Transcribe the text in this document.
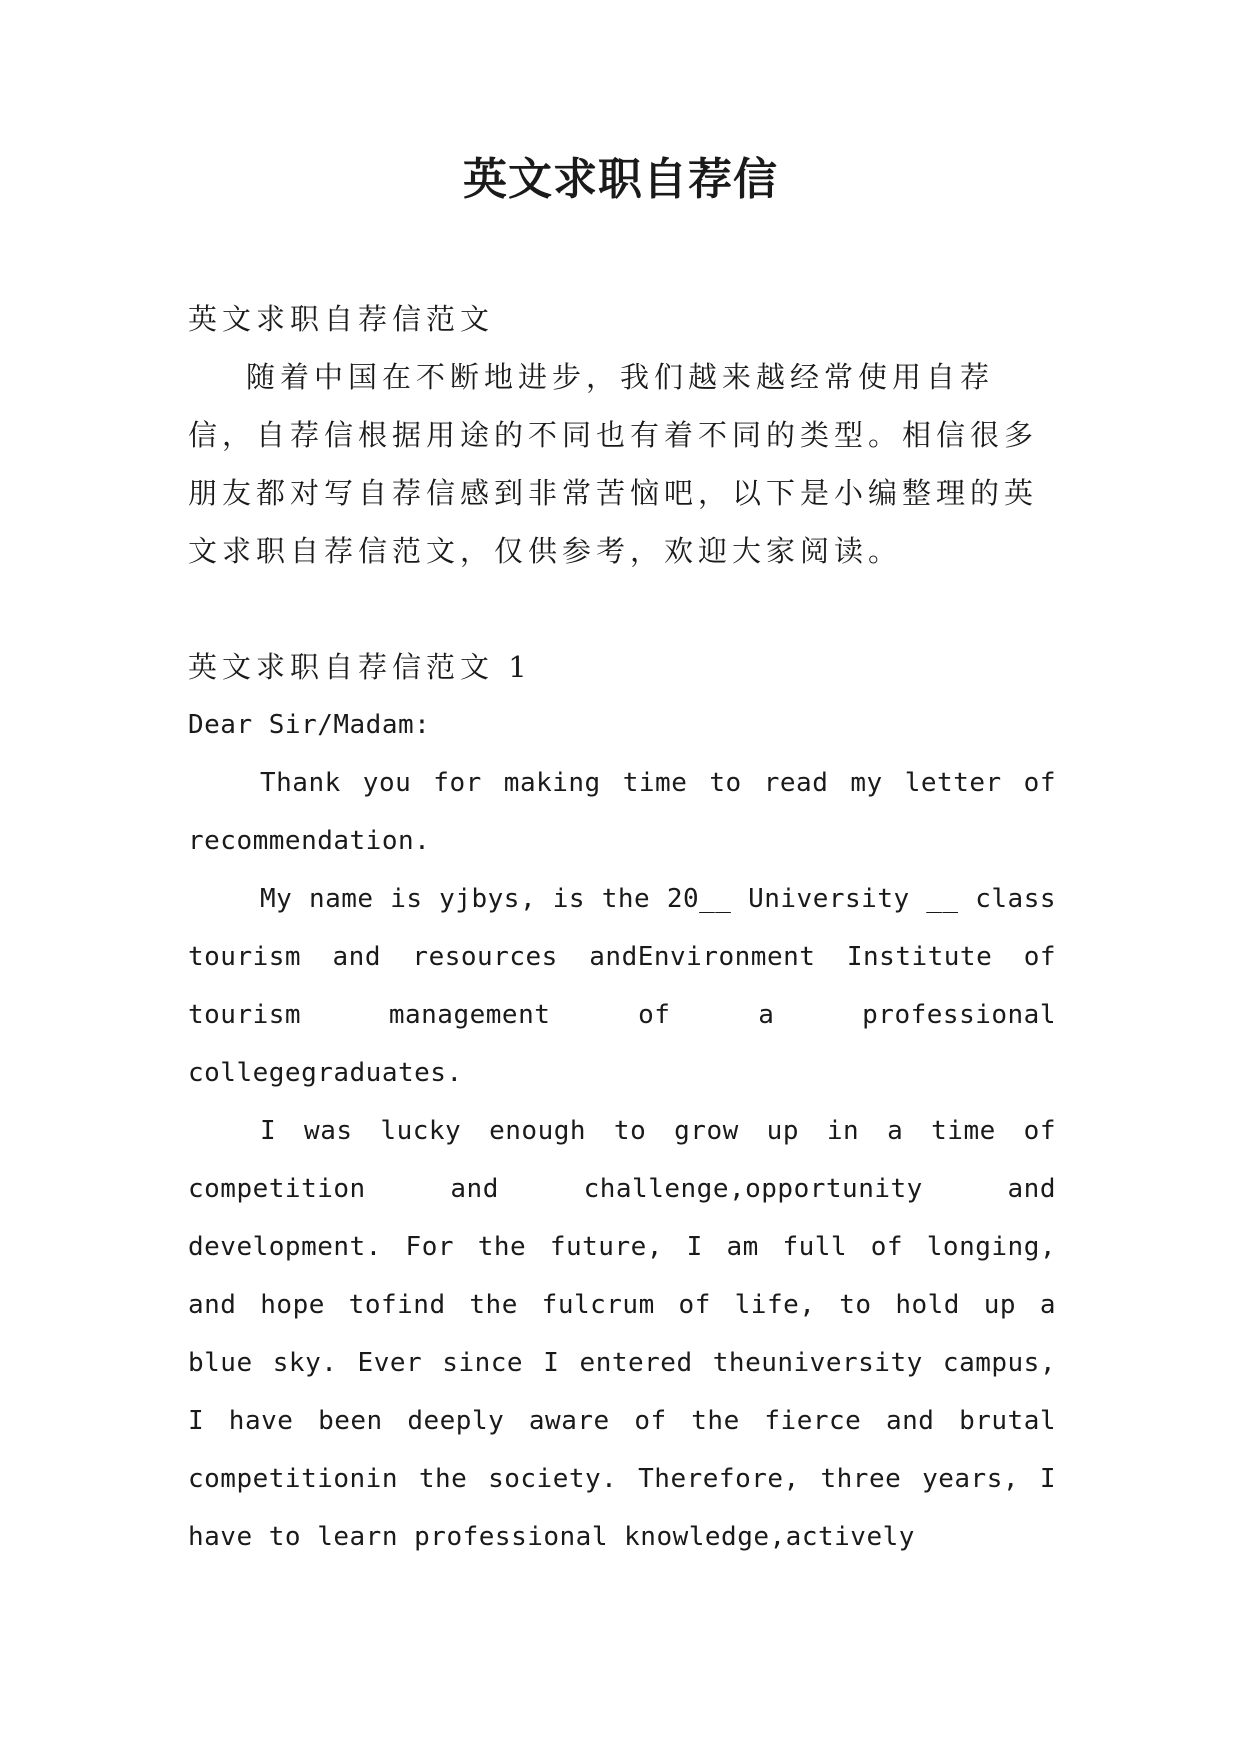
英文求职自荐信

英文求职自荐信范文

随着中国在不断地进步，我们越来越经常使用自荐信，自荐信根据用途的不同也有着不同的类型。相信很多朋友都对写自荐信感到非常苦恼吧，以下是小编整理的英文求职自荐信范文，仅供参考，欢迎大家阅读。

英文求职自荐信范文 1

Dear Sir/Madam:

Thank you for making time to read my letter of recommendation.

My name is yjbys, is the 20__ University __ class tourism and resources andEnvironment Institute of tourism management of a professional collegegraduates.

I was lucky enough to grow up in a time of competition and challenge,opportunity and development. For the future, I am full of longing, and hope tofind the fulcrum of life, to hold up a blue sky. Ever since I entered theuniversity campus, I have been deeply aware of the fierce and brutal competitionin the society. Therefore, three years, I have to learn professional knowledge,actively
